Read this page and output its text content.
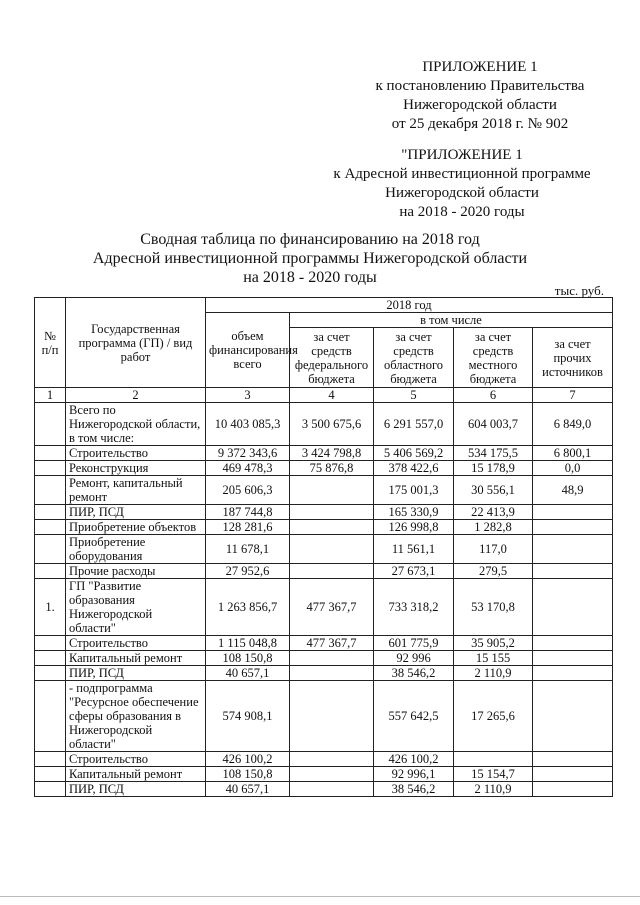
ПРИЛОЖЕНИЕ 1
к постановлению Правительства
Нижегородской области
от 25 декабря 2018 г. № 902
"ПРИЛОЖЕНИЕ 1
к Адресной инвестиционной программе
Нижегородской области
на 2018 - 2020 годы
Сводная таблица по финансированию на 2018 год
Адресной инвестиционной программы Нижегородской области
на 2018 - 2020 годы
тыс. руб.
№ п/п	Государственная программа (ГП) / вид работ	2018 год				
		объем финансирования всего	в том числе			
			за счет средств федерального бюджета	за счет средств областного бюджета	за счет средств местного бюджета	за счет прочих источников
1	2	3	4	5	6	7
	Всего по Нижегородской области, в том числе:	10 403 085,3	3 500 675,6	6 291 557,0	604 003,7	6 849,0
	Строительство	9 372 343,6	3 424 798,8	5 406 569,2	534 175,5	6 800,1
	Реконструкция	469 478,3	75 876,8	378 422,6	15 178,9	0,0
	Ремонт, капитальный ремонт	205 606,3		175 001,3	30 556,1	48,9
	ПИР, ПСД	187 744,8		165 330,9	22 413,9	
	Приобретение объектов	128 281,6		126 998,8	1 282,8	
	Приобретение оборудования	11 678,1		11 561,1	117,0	
	Прочие расходы	27 952,6		27 673,1	279,5	
1.	ГП "Развитие образования Нижегородской области"	1 263 856,7	477 367,7	733 318,2	53 170,8	
	Строительство	1 115 048,8	477 367,7	601 775,9	35 905,2	
	Капитальный ремонт	108 150,8		92 996	15 155	
	ПИР, ПСД	40 657,1		38 546,2	2 110,9	
	- подпрограмма "Ресурсное обеспечение сферы образования в Нижегородской области"	574 908,1		557 642,5	17 265,6	
	Строительство	426 100,2		426 100,2		
	Капитальный ремонт	108 150,8		92 996,1	15 154,7	
	ПИР, ПСД	40 657,1		38 546,2	2 110,9	
